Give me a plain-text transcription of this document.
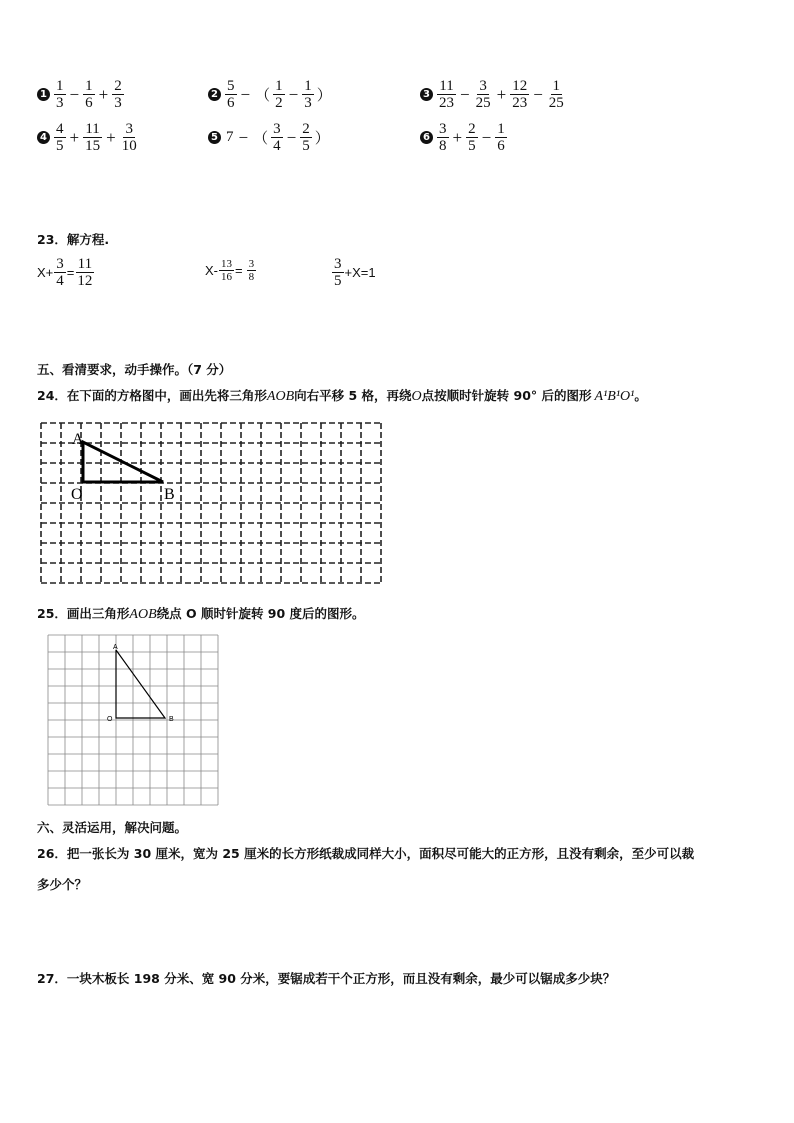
$1 \frac{1}{3} - \frac{1}{6} + \frac{2}{3}$	$2 \frac{5}{6}$ − （ $\frac{1}{2} - \frac{1}{3}$ ）	$3 \frac{11}{23} - \frac{3}{25} + \frac{12}{23} - \frac{1}{25}$
$4 \frac{4}{5} + \frac{11}{15} + \frac{3}{10}$	5 7 − （ $\frac{3}{4} - \frac{2}{5}$ ）	$6 \frac{3}{8} + \frac{2}{5} - \frac{1}{6}$
23．解方程.
$X+ \frac{3}{4} = \frac{11}{12}$	$X- \frac{13}{16} = \frac{3}{8}$	$\frac{3}{5} +X=1$
五、看清要求，动手操作。（7 分）
24．在下面的方格图中，画出先将三角形AOB向右平移 5 格，再绕O点按顺时针旋转 90° 后的图形 A¹B¹O¹。
A
O	B
25．画出三角形AOB绕点 O 顺时针旋转 90 度后的图形。
A
O	B
六、灵活运用，解决问题。
26．把一张长为 30 厘米，宽为 25 厘米的长方形纸裁成同样大小，面积尽可能大的正方形，且没有剩余，至少可以裁
多少个？
27．一块木板长 198 分米、宽 90 分米，要锯成若干个正方形，而且没有剩余，最少可以锯成多少块？
